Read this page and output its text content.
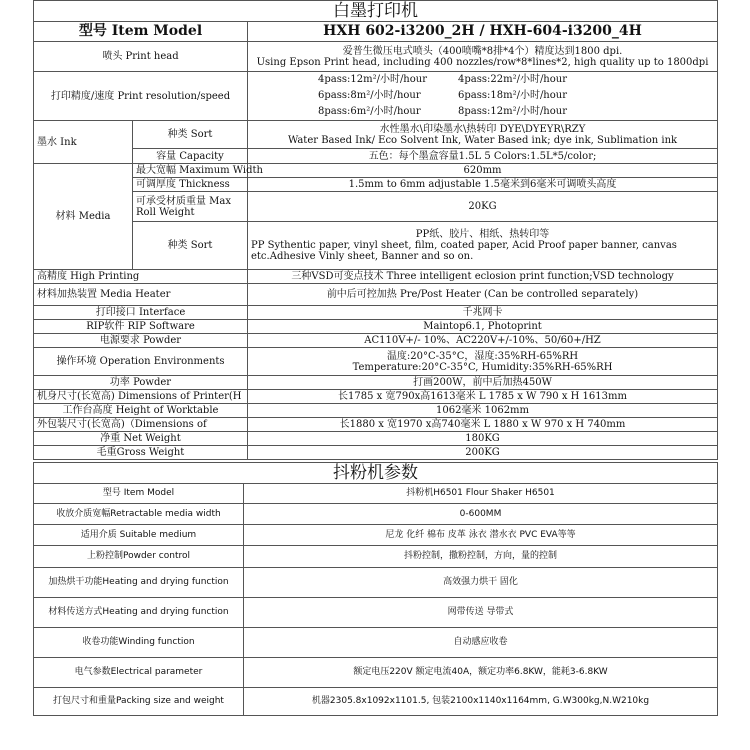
白墨打印机		
型号 Item Model		HXH 602-i3200_2H / HXH-604-i3200_4H
喷头 Print head		爱普生微压电式喷头（400喷嘴*8排*4个）精度达到1800 dpi.
Using Epson Print head, including 400 nozzles/row*8*lines*2, high quality up to 1800dpi

打印精度/速度 Print resolution/speed		4pass:12m²/小时/hour 4pass:22m²/小时/hour
6pass:8m²/小时/hour 6pass:18m²/小时/hour
8pass:6m²/小时/hour 8pass:12m²/小时/hour

墨水 Ink	种类 Sort	水性墨水\印染墨水\热转印 DYE\DYEYR\RZY
Water Based Ink/ Eco Solvent Ink, Water Based ink; dye ink, Sublimation ink

	容量 Capacity	五色：每个墨盒容量1.5L 5 Colors:1.5L*5/color;
材料 Media	最大宽幅 Maximum Width	620mm
	可调厚度 Thickness	1.5mm to 6mm adjustable 1.5毫米到6毫米可调喷头高度
	可承受材质重量 Max Roll Weight	20KG
	种类 Sort	PP纸、胶片、相纸、热转印等
PP Sythentic paper, vinyl sheet, film, coated paper, Acid Proof paper banner, canvas etc.Adhesive Vinly sheet, Banner and so on.

高精度 High Printing		三种VSD可变点技术 Three intelligent eclosion print function;VSD technology
材料加热装置 Media Heater		前中后可控加热 Pre/Post Heater (Can be controlled separately)
打印接口 Interface		千兆网卡
RIP软件 RIP Software		Maintop6.1, Photoprint
电源要求 Powder		AC110V+/- 10%、AC220V+/-10%、50/60+/HZ
操作环境 Operation Environments		温度:20°C-35°C，湿度:35%RH-65%RH
Temperature:20°C-35°C, Humidity:35%RH-65%RH

功率 Powder		打画200W，前中后加热450W
机身尺寸(长宽高) Dimensions of Printer(H		长1785 x 宽790x高1613毫米 L 1785 x W 790 x H 1613mm
工作台高度 Height of Worktable		1062毫米 1062mm
外包装尺寸(长宽高)（Dimensions of		长1880 x 宽1970 x高740毫米 L 1880 x W 970 x H 740mm
净重 Net Weight		180KG
毛重Gross Weight		200KG
抖粉机参数	
型号 Item Model	抖粉机H6501 Flour Shaker H6501
收放介质宽幅Retractable media width	0-600MM
适用介质 Suitable medium	尼龙 化纤 棉布 皮革 泳衣 潜水衣 PVC EVA等等
上粉控制Powder control	抖粉控制，撒粉控制，方向，量的控制
加热烘干功能Heating and drying function	高效强力烘干 固化
材料传送方式Heating and drying function	网带传送 导带式
收卷功能Winding function	自动感应收卷
电气参数Electrical parameter	额定电压220V 额定电流40A，额定功率6.8KW，能耗3-6.8KW
打包尺寸和重量Packing size and weight	机器2305.8x1092x1101.5, 包装2100x1140x1164mm, G.W300kg,N.W210kg
